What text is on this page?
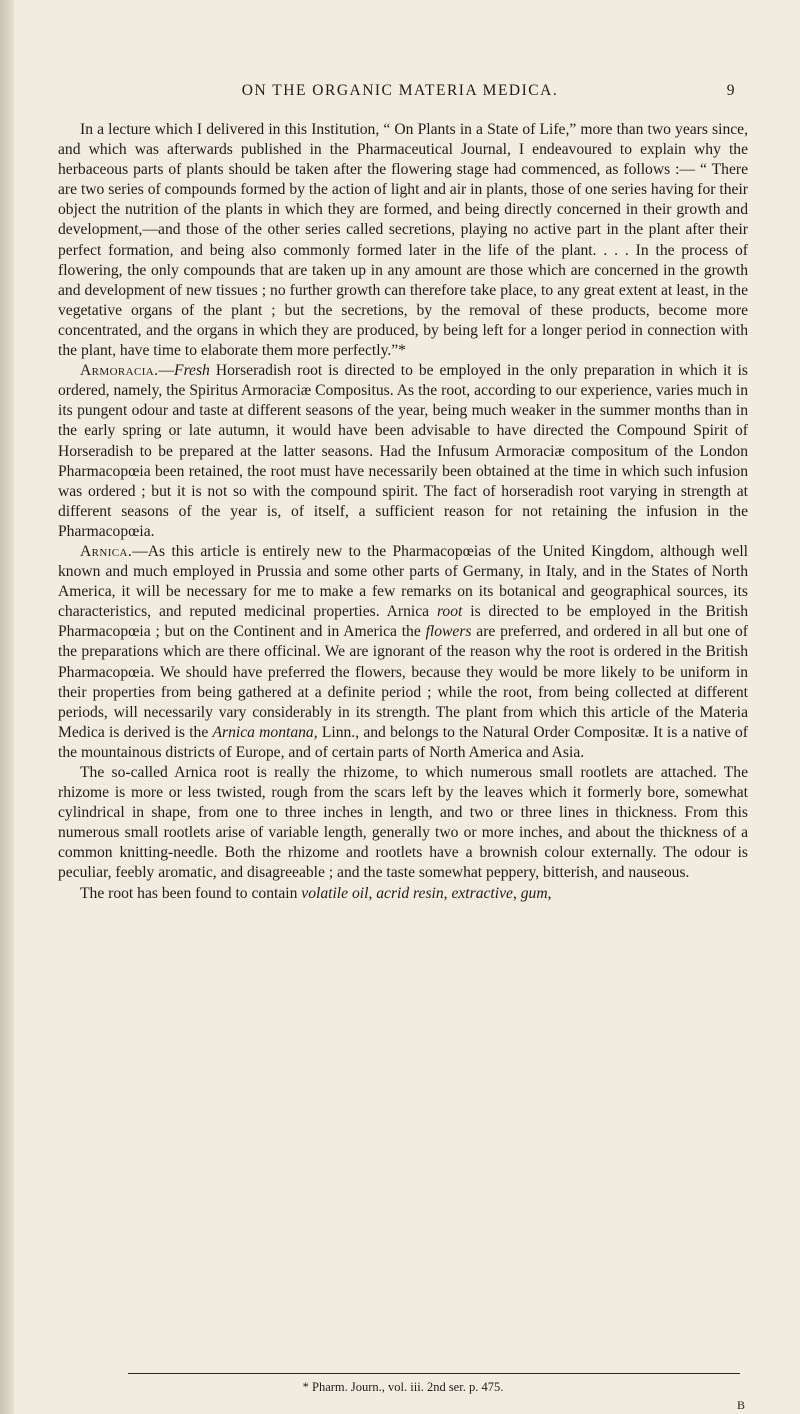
ON THE ORGANIC MATERIA MEDICA.	9

In a lecture which I delivered in this Institution, “ On Plants in a State of Life,” more than two years since, and which was afterwards published in the Pharmaceutical Journal, I endeavoured to explain why the herbaceous parts of plants should be taken after the flowering stage had commenced, as follows :— “ There are two series of compounds formed by the action of light and air in plants, those of one series having for their object the nutrition of the plants in which they are formed, and being directly concerned in their growth and development,—and those of the other series called secretions, playing no active part in the plant after their perfect formation, and being also commonly formed later in the life of the plant. . . . In the process of flowering, the only compounds that are taken up in any amount are those which are concerned in the growth and development of new tissues ; no further growth can therefore take place, to any great extent at least, in the vegetative organs of the plant ; but the secretions, by the removal of these products, become more concentrated, and the organs in which they are produced, by being left for a longer period in connection with the plant, have time to elaborate them more perfectly.”*

Armoracia.—Fresh Horseradish root is directed to be employed in the only preparation in which it is ordered, namely, the Spiritus Armoraciæ Compositus. As the root, according to our experience, varies much in its pungent odour and taste at different seasons of the year, being much weaker in the summer months than in the early spring or late autumn, it would have been advisable to have directed the Compound Spirit of Horseradish to be prepared at the latter seasons. Had the Infusum Armoraciæ compositum of the London Pharmacopœia been retained, the root must have necessarily been obtained at the time in which such infusion was ordered ; but it is not so with the compound spirit. The fact of horseradish root varying in strength at different seasons of the year is, of itself, a sufficient reason for not retaining the infusion in the Pharmacopœia.

Arnica.—As this article is entirely new to the Pharmacopœias of the United Kingdom, although well known and much employed in Prussia and some other parts of Germany, in Italy, and in the States of North America, it will be necessary for me to make a few remarks on its botanical and geographical sources, its characteristics, and reputed medicinal properties. Arnica root is directed to be employed in the British Pharmacopœia ; but on the Continent and in America the flowers are preferred, and ordered in all but one of the preparations which are there officinal. We are ignorant of the reason why the root is ordered in the British Pharmacopœia. We should have preferred the flowers, because they would be more likely to be uniform in their properties from being gathered at a definite period ; while the root, from being collected at different periods, will necessarily vary considerably in its strength. The plant from which this article of the Materia Medica is derived is the Arnica montana, Linn., and belongs to the Natural Order Compositæ. It is a native of the mountainous districts of Europe, and of certain parts of North America and Asia.

The so-called Arnica root is really the rhizome, to which numerous small rootlets are attached. The rhizome is more or less twisted, rough from the scars left by the leaves which it formerly bore, somewhat cylindrical in shape, from one to three inches in length, and two or three lines in thickness. From this numerous small rootlets arise of variable length, generally two or more inches, and about the thickness of a common knitting-needle. Both the rhizome and rootlets have a brownish colour externally. The odour is peculiar, feebly aromatic, and disagreeable ; and the taste somewhat peppery, bitterish, and nauseous.

The root has been found to contain volatile oil, acrid resin, extractive, gum,

* Pharm. Journ., vol. iii. 2nd ser. p. 475.
B
